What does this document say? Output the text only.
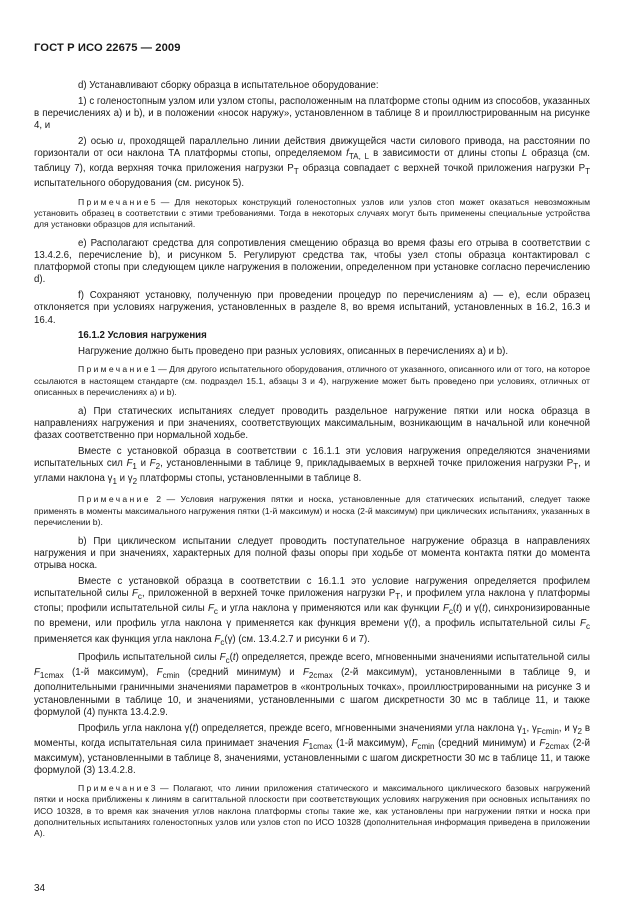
ГОСТ Р ИСО 22675 — 2009

d) Устанавливают сборку образца в испытательное оборудование:

1) с голеностопным узлом или узлом стопы, расположенным на платформе стопы одним из способов, указанных в перечислениях а) и b), и в положении «носок наружу», установленном в таблице 8 и проиллюстрированным на рисунке 4, и

2) осью u, проходящей параллельно линии действия движущейся части силового привода, на расстоянии по горизонтали от оси наклона ТА платформы стопы, определяемом $f_{TA, L}$ в зависимости от длины стопы L образца (см. таблицу 7), когда верхняя точка приложения нагрузки $P_T$ образца совпадает с верхней точкой приложения нагрузки $P_T$ испытательного оборудования (см. рисунок 5).

Примечание5 — Для некоторых конструкций голеностопных узлов или узлов стоп может оказаться невозможным установить образец в соответствии с этими требованиями. Тогда в некоторых случаях могут быть применены специальные устройства для установки образцов для испытаний.

е) Располагают средства для сопротивления смещению образца во время фазы его отрыва в соответствии с 13.4.2.6, перечисление b), и рисунком 5. Регулируют средства так, чтобы узел стопы образца контактировал с платформой стопы при следующем цикле нагружения в положении, определенном при установке согласно перечислению d).

f) Сохраняют установку, полученную при проведении процедур по перечислениям а) — е), если образец отклоняется при условиях нагружения, установленных в разделе 8, во время испытаний, установленных в 16.2, 16.3 и 16.4.

16.1.2 Условия нагружения

Нагружение должно быть проведено при разных условиях, описанных в перечислениях а) и b).

Примечание1 — Для другого испытательного оборудования, отличного от указанного, описанного или от того, на которое ссылаются в настоящем стандарте (см. подраздел 15.1, абзацы 3 и 4), нагружение может быть проведено при условиях, отличных от описанных в перечислениях а) и b).

а) При статических испытаниях следует проводить раздельное нагружение пятки или носка образца в направлениях нагружения и при значениях, соответствующих максимальным, возникающим в начальной или конечной фазах соответственно при нормальной ходьбе.

Вместе с установкой образца в соответствии с 16.1.1 эти условия нагружения определяются значениями испытательных сил $F_1$ и $F_2$, установленными в таблице 9, прикладываемых в верхней точке приложения нагрузки $P_T$, и углами наклона $\gamma_1$ и $\gamma_2$ платформы стопы, установленными в таблице 8.

Примечание 2 — Условия нагружения пятки и носка, установленные для статических испытаний, следует также применять в моменты максимального нагружения пятки (1-й максимум) и носка (2-й максимум) при циклических испытаниях, указанных в перечислении b).

b) При циклическом испытании следует проводить поступательное нагружение образца в направлениях нагружения и при значениях, характерных для полной фазы опоры при ходьбе от момента контакта пятки до момента отрыва носка.

Вместе с установкой образца в соответствии с 16.1.1 это условие нагружения определяется профилем испытательной силы $F_c$, приложенной в верхней точке приложения нагрузки $P_T$, и профилем угла наклона γ платформы стопы; профили испытательной силы $F_c$ и угла наклона γ применяются или как функции $F_c(t)$ и γ(t), синхронизированные по времени, или профиль угла наклона γ применяется как функция времени γ(t), а профиль испытательной силы $F_c$ применяется как функция угла наклона $F_c(\gamma)$ (см. 13.4.2.7 и рисунки 6 и 7).

Профиль испытательной силы $F_c(t)$ определяется, прежде всего, мгновенными значениями испытательной силы $F_{1cmax}$ (1-й максимум), $F_{cmin}$ (средний минимум) и $F_{2cmax}$ (2-й максимум), установленными в таблице 9, и дополнительными граничными значениями параметров в «контрольных точках», проиллюстрированными на рисунке 3 и установленными в таблице 10, и значениями, установленными с шагом дискретности 30 мс в таблице 11, и также формулой (4) пункта 13.4.2.9.

Профиль угла наклона γ(t) определяется, прежде всего, мгновенными значениями угла наклона $\gamma_1$, $\gamma_{Fcmin}$, и $\gamma_2$ в моменты, когда испытательная сила принимает значения $F_{1cmax}$ (1-й максимум), $F_{cmin}$ (средний минимум) и $F_{2cmax}$ (2-й максимум), установленными в таблице 8, значениями, установленными с шагом дискретности 30 мс в таблице 11, и также формулой (3) 13.4.2.8.

Примечание3 — Полагают, что линии приложения статического и максимального циклического базовых нагружений пятки и носка приближены к линиям в сагиттальной плоскости при соответствующих условиях нагружения при основных испытаниях по ИСО 10328, в то время как значения углов наклона платформы стопы такие же, как установлены при нагружении пятки и носка при дополнительных испытаниях голеностопных узлов или узлов стоп по ИСО 10328 (дополнительная информация приведена в приложении А).

34
